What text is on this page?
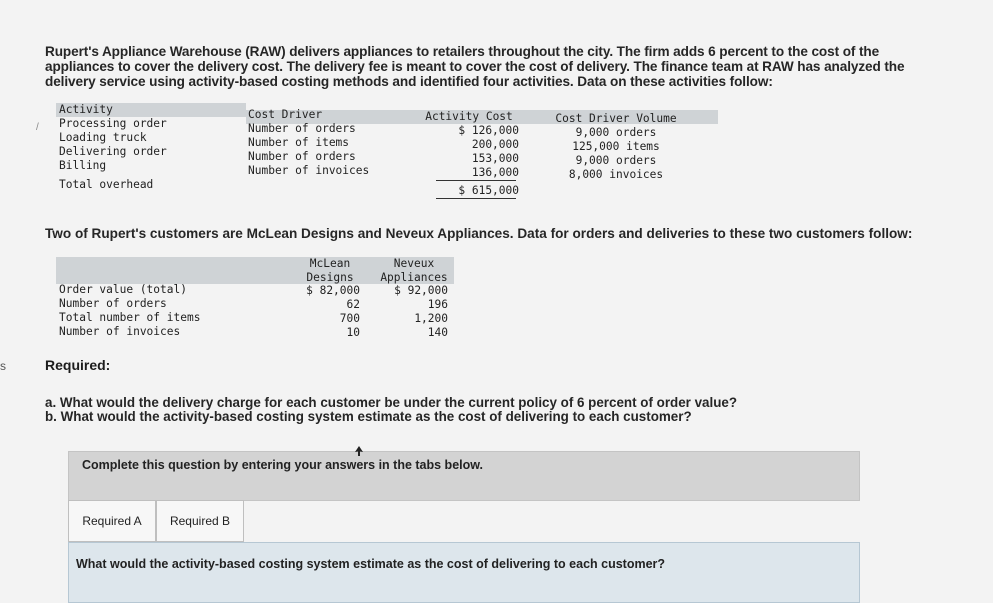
s
Rupert's Appliance Warehouse (RAW) delivers appliances to retailers throughout the city. The firm adds 6 percent to the cost of the appliances to cover the delivery cost. The delivery fee is meant to cover the cost of delivery. The finance team at RAW has analyzed the delivery service using activity-based costing methods and identified four activities. Data on these activities follow:
/
Activity
Processing order
Loading truck
Delivering order
Billing
Total overhead
Cost Driver
Number of orders
Number of items
Number of orders
Number of invoices
Activity Cost
$ 126,000
200,000
153,000
136,000
$ 615,000
Cost Driver Volume
9,000 orders
125,000 items
9,000 orders
8,000 invoices
Two of Rupert's customers are McLean Designs and Neveux Appliances. Data for orders and deliveries to these two customers follow:
McLean
Designs
Neveux
Appliances
Order value (total)
Number of orders
Total number of items
Number of invoices
$ 82,000
62
700
10
$ 92,000
196
1,200
140
Required:
a. What would the delivery charge for each customer be under the current policy of 6 percent of order value?
b. What would the activity-based costing system estimate as the cost of delivering to each customer?
Complete this question by entering your answers in the tabs below.
Required A	Required B
What would the activity-based costing system estimate as the cost of delivering to each customer?
